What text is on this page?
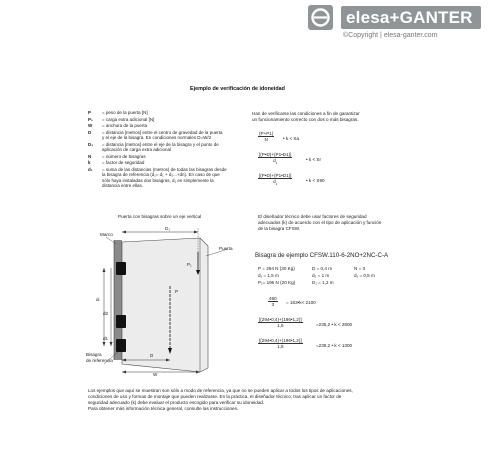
elesa+GANTER
©Copyright | elesa-ganter.com
Ejemplo de verificación de idoneidad
P = peso de la puerta [N]
P₁ = carga extra adicional [N]
W = anchura de la puerta
D = distancia [metros] entre el centro de gravedad de la puerta
y el eje de la bisagra. En condiciones normales D=W/2
D₁ = distancia [metros] entre el eje de la bisagra y el punto de
aplicación de carga extra adicional
N = número de bisagras
k	= factor de seguridad
d₁ = suma de las distancias (metros) de todas las bisagras desde
la bisagra de referencia (d₁= d₁ + d₂...+dn). En caso de que
sólo haya instaladas dos bisagras, d₁ es simplemente la
distancia entre ellas.
Han de verificarse las condiciones a fin de garantizar
un funcionamiento correcto con dos o más bisagras.
$\frac{(P+P1)}{N}$ • k < Sa
$\frac{[(P•D)+(P1•D1)]}{d_1}$	• k < Sr
$\frac{[(P•D)+(P1•D1)]}{d_1}$	• k < S90
El diseñador técnico debe usar factores de seguridad
adecuados (k) de acuerdo con el tipo de aplicación y función
de la bisagra CFSW.
Puerta con bisagras sobre un eje vertical
Marco
D₁
P₁
Puerta
P
dₜ
d2
d1
D
W
Bisagra
de referencia
Bisagra de ejemplo CFSW.110-6-2NO+2NC-C-A
P = 294 N (30 Kg)	D = 0,4 m	N = 3
d₁ = 1,5 m	d₂ = 1 m	d₁ = 0,5 m
P₁= 196 N (20 Kg)	D₁ = 1,2 m
$\frac{490}{3}$ = 163•k< 2100
$\frac{[(294•0,4)+(196•1,2)]}{1,5}$	=235,2 • k < 2800
$\frac{[(294•0,4)+(196•1,2)]}{1,5}$	=235,2 • k < 1300
Los ejemplos que aquí se muestran son sólo a modo de referencia, ya que no se pueden aplicar a todos los tipos de aplicaciones,
condiciones de uso y formas de montaje que pueden realizarse. En la práctica, el diseñador técnico, tras aplicar un factor de
seguridad adecuado (k) debe evaluar el producto escogido para verificar su idoneidad.
Para obtener más información técnica general, consulte las instrucciones.
